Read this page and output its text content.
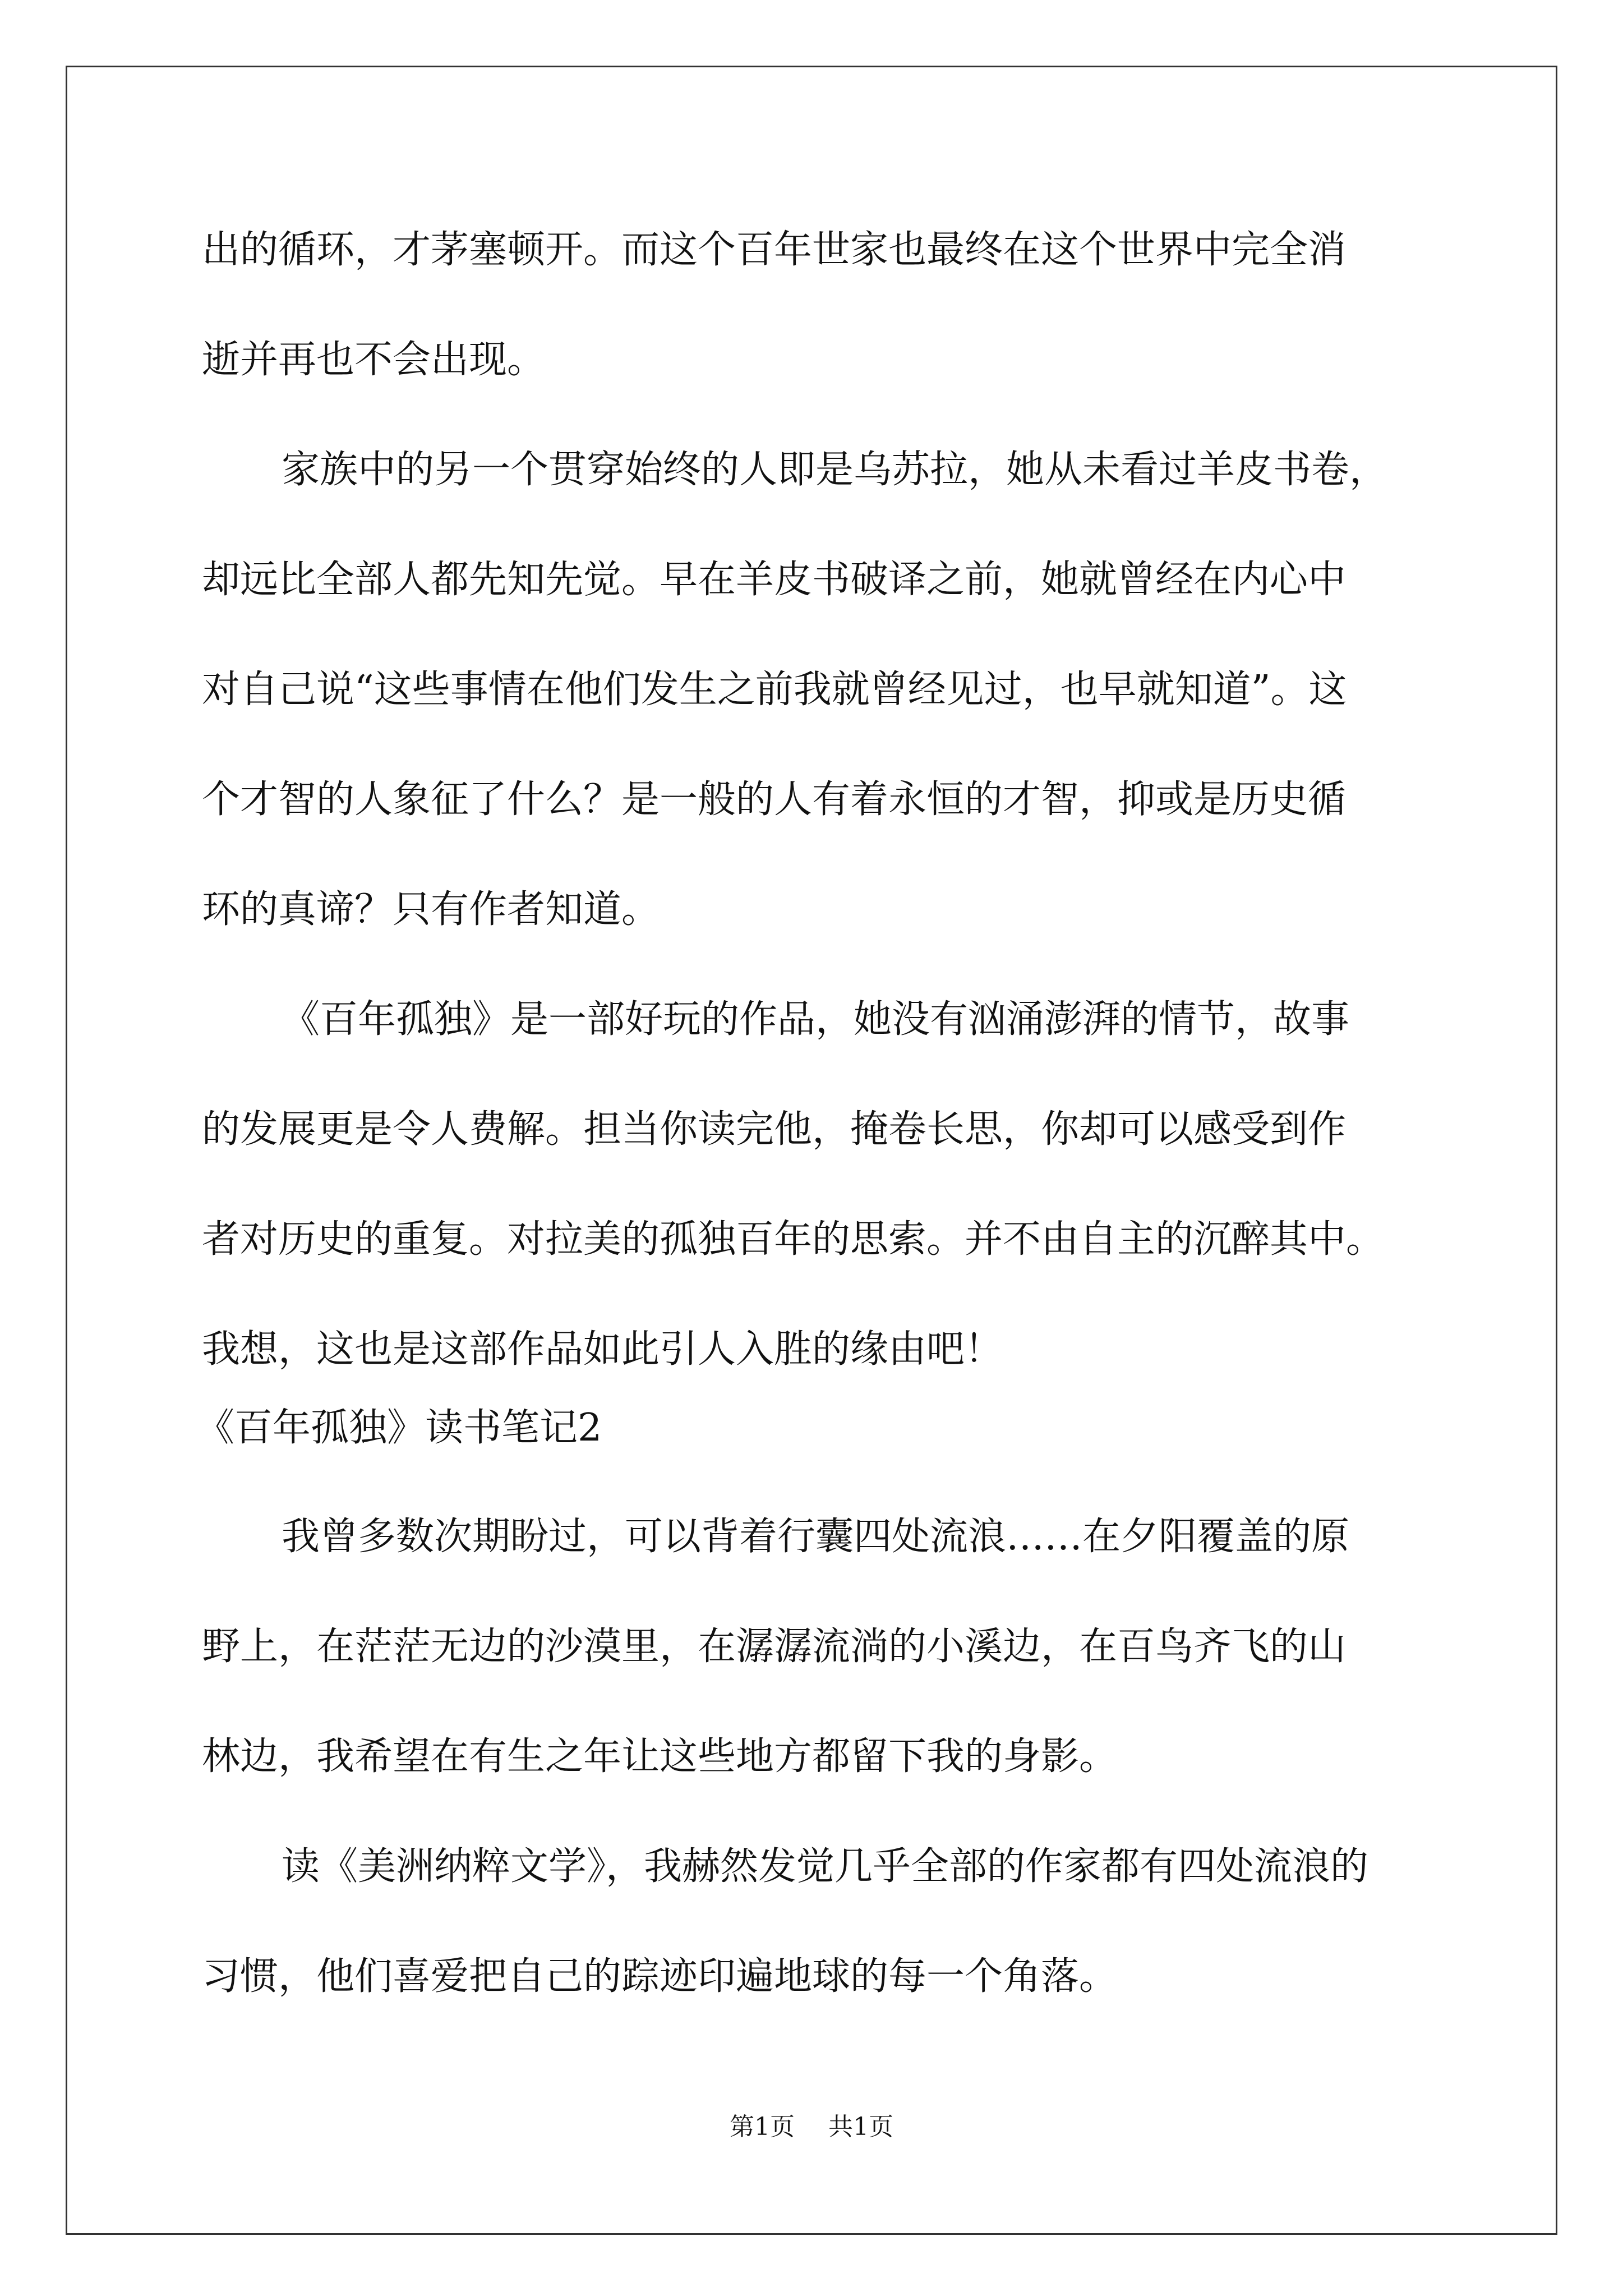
出的循环，才茅塞顿开。而这个百年世家也最终在这个世界中完全消
逝并再也不会出现。

家族中的另一个贯穿始终的人即是乌苏拉，她从未看过羊皮书卷，
却远比全部人都先知先觉。早在羊皮书破译之前，她就曾经在内心中
对自己说“这些事情在他们发生之前我就曾经见过，也早就知道”。这
个才智的人象征了什么？是一般的人有着永恒的才智，抑或是历史循
环的真谛？只有作者知道。

《百年孤独》是一部好玩的作品，她没有汹涌澎湃的情节，故事
的发展更是令人费解。担当你读完他，掩卷长思，你却可以感受到作
者对历史的重复。对拉美的孤独百年的思索。并不由自主的沉醉其中。
我想，这也是这部作品如此引人入胜的缘由吧！

《百年孤独》读书笔记2

我曾多数次期盼过，可以背着行囊四处流浪……在夕阳覆盖的原
野上，在茫茫无边的沙漠里，在潺潺流淌的小溪边，在百鸟齐飞的山
林边，我希望在有生之年让这些地方都留下我的身影。

读《美洲纳粹文学》，我赫然发觉几乎全部的作家都有四处流浪的
习惯，他们喜爱把自己的踪迹印遍地球的每一个角落。

第1页 共1页
